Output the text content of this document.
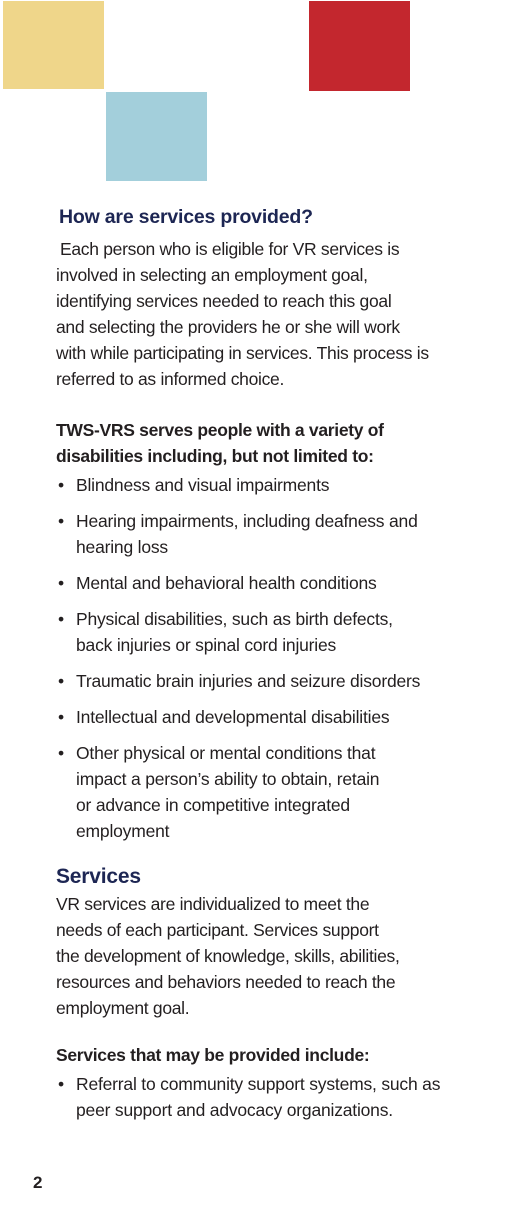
How are services provided?

Each person who is eligible for VR services is
involved in selecting an employment goal,
identifying services needed to reach this goal
and selecting the providers he or she will work
with while participating in services. This process is
referred to as informed choice.

TWS-VRS serves people with a variety of
disabilities including, but not limited to:
• Blindness and visual impairments
• Hearing impairments, including deafness and
hearing loss
• Mental and behavioral health conditions
• Physical disabilities, such as birth defects,
back injuries or spinal cord injuries
• Traumatic brain injuries and seizure disorders
• Intellectual and developmental disabilities
• Other physical or mental conditions that
impact a person’s ability to obtain, retain
or advance in competitive integrated
employment
Services

VR services are individualized to meet the
needs of each participant. Services support
the development of knowledge, skills, abilities,
resources and behaviors needed to reach the
employment goal.

Services that may be provided include:
• Referral to community support systems, such as
peer support and advocacy organizations.
2
